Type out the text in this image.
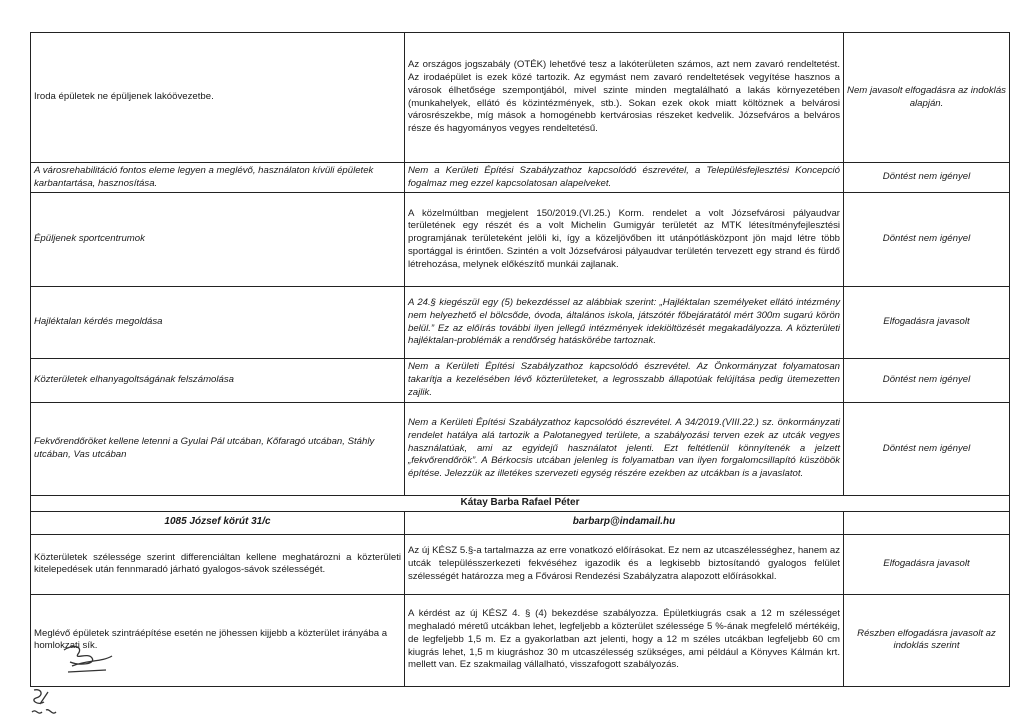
Iroda épületek ne épüljenek lakóövezetbe.	Az országos jogszabály (OTÉK) lehetővé tesz a lakóterületen számos, azt nem zavaró rendeltetést. Az irodaépület is ezek közé tartozik. Az egymást nem zavaró rendeltetések vegyítése hasznos a városok élhetősége szempontjából, mivel szinte minden megtalálható a lakás környezetében (munkahelyek, ellátó és közintézmények, stb.). Sokan ezek okok miatt költöznek a belvárosi városrészekbe, míg mások a homogénebb kertvárosias részeket kedvelik. Józsefváros a belváros része és hagyományos vegyes rendeltetésű.	Nem javasolt elfogadásra az indoklás alapján.
A városrehabilitáció fontos eleme legyen a meglévő, használaton kívüli épületek karbantartása, hasznosítása.	Nem a Kerületi Építési Szabályzathoz kapcsolódó észrevétel, a Településfejlesztési Koncepció fogalmaz meg ezzel kapcsolatosan alapelveket.	Döntést nem igényel
Épüljenek sportcentrumok	A közelmúltban megjelent 150/2019.(VI.25.) Korm. rendelet a volt Józsefvárosi pályaudvar területének egy részét és a volt Michelin Gumigyár területét az MTK létesítményfejlesztési programjának területeként jelöli ki, így a közeljövőben itt utánpótlásközpont jön majd létre több sportággal is érintően. Szintén a volt Józsefvárosi pályaudvar területén tervezett egy strand és fürdő létrehozása, melynek előkészítő munkái zajlanak.	Döntést nem igényel
Hajléktalan kérdés megoldása	A 24.§ kiegészül egy (5) bekezdéssel az alábbiak szerint: „Hajléktalan személyeket ellátó intézmény nem helyezhető el bölcsőde, óvoda, általános iskola, játszótér főbejáratától mért 300m sugarú körön belül.” Ez az előírás további ilyen jellegű intézmények idekiöltözését megakadályozza. A közterületi hajléktalan-problémák a rendőrség hatáskörébe tartoznak.	Elfogadásra javasolt
Közterületek elhanyagoltságának felszámolása	Nem a Kerületi Építési Szabályzathoz kapcsolódó észrevétel. Az Önkormányzat folyamatosan takarítja a kezelésében lévő közterületeket, a legrosszabb állapotúak felújítása pedig ütemezetten zajlik.	Döntést nem igényel
Fekvőrendőröket kellene letenni a Gyulai Pál utcában, Kőfaragó utcában, Stáhly utcában, Vas utcában	Nem a Kerületi Építési Szabályzathoz kapcsolódó észrevétel. A 34/2019.(VIII.22.) sz. önkormányzati rendelet hatálya alá tartozik a Palotanegyed területe, a szabályozási terven ezek az utcák vegyes használatúak, ami az egyidejű használatot jelenti. Ezt feltétlenül könnyítenék a jelzett „fekvőrendőrök”. A Bérkocsis utcában jelenleg is folyamatban van ilyen forgalomcsillapító küszöbök építése. Jelezzük az illetékes szervezeti egység részére ezekben az utcákban is a javaslatot.	Döntést nem igényel
Kátay Barba Rafael Péter		
1085 József körút 31/c	barbarp@indamail.hu	
Közterületek szélessége szerint differenciáltan kellene meghatározni a közterületi kitelepedések után fennmaradó járható gyalogos-sávok szélességét.	Az új KÉSZ 5.§-a tartalmazza az erre vonatkozó előírásokat. Ez nem az utcaszélességhez, hanem az utcák településszerkezeti fekvéséhez igazodik és a legkisebb biztosítandó gyalogos felület szélességét határozza meg a Fővárosi Rendezési Szabályzatra alapozott előírásokkal.	Elfogadásra javasolt
Meglévő épületek szintráépítése esetén ne jöhessen kijjebb a közterület irányába a homlokzati sík.	A kérdést az új KÉSZ 4. § (4) bekezdése szabályozza. Épületkiugrás csak a 12 m szélességet meghaladó méretű utcákban lehet, legfeljebb a közterület szélessége 5 %-ának megfelelő mértékéig, de legfeljebb 1,5 m. Ez a gyakorlatban azt jelenti, hogy a 12 m széles utcákban legfeljebb 60 cm kiugrás lehet, 1,5 m kiugráshoz 30 m utcaszélesség szükséges, ami például a Könyves Kálmán krt. mellett van. Ez szakmailag vállalható, visszafogott szabályozás.	Részben elfogadásra javasolt az indoklás szerint
